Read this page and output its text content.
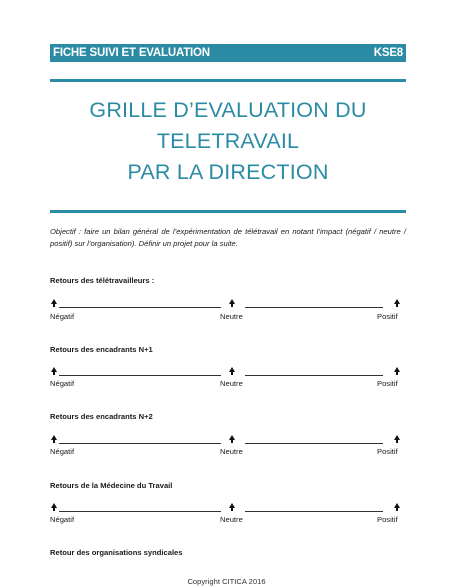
FICHE SUIVI ET EVALUATION	KSE8
GRILLE D’EVALUATION DU
TELETRAVAIL
PAR LA DIRECTION
Objectif : faire un bilan général de l’expérimentation de télétravail en notant l’impact (négatif / neutre / positif) sur l’organisation). Définir un projet pour la suite.
Retours des télétravailleurs :
Négatif	Neutre	Positif
Retours des encadrants N+1
Négatif	Neutre	Positif
Retours des encadrants N+2
Négatif	Neutre	Positif
Retours de la Médecine du Travail
Négatif	Neutre	Positif
Retour des organisations syndicales
Copyright CITICA 2016
